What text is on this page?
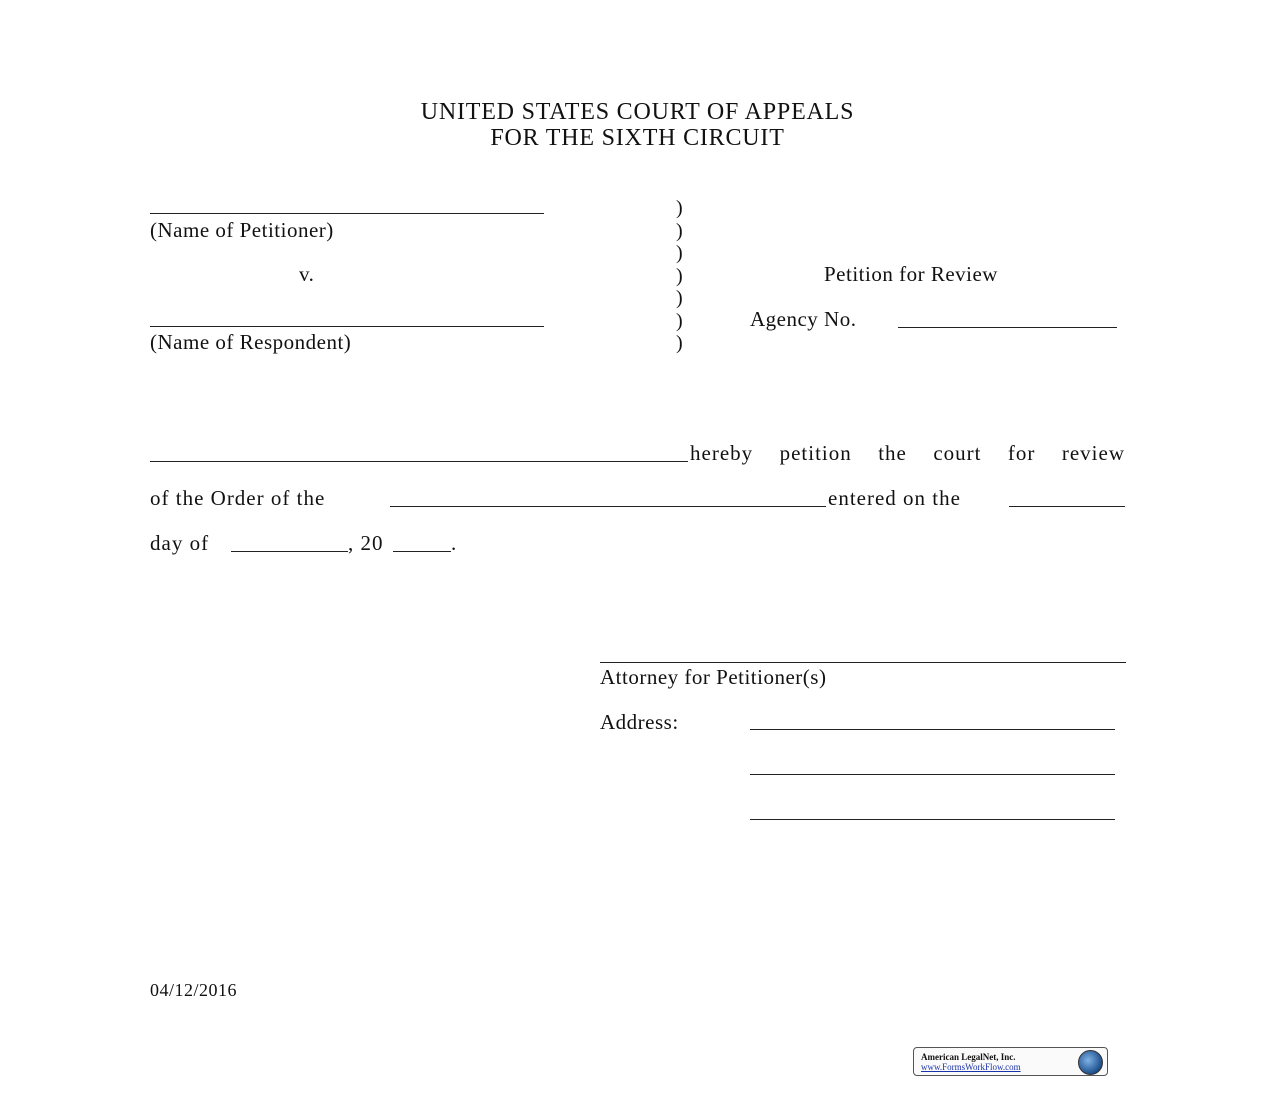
UNITED STATES COURT OF APPEALS
FOR THE SIXTH CIRCUIT
(Name of Petitioner)
v.
(Name of Respondent)
)
)
)
)
)
)
)
Petition for Review
Agency No.
hereby petition the court for review
of the Order of the	entered on the
day of	, 20	.
Attorney for Petitioner(s)
Address:
04/12/2016
American LegalNet, Inc.
www.FormsWorkFlow.com
